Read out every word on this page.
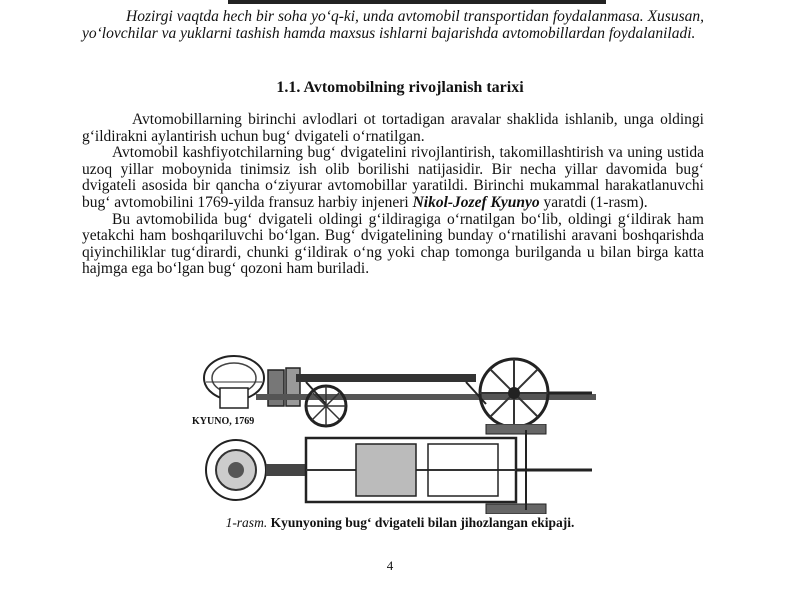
Hozirgi vaqtda hech bir soha yo‘q-ki, unda avtomobil transportidan foydalanmasa. Xususan, yo‘lovchilar va yuklarni tashish hamda maxsus ishlarni bajarishda avtomobillardan foydalaniladi.

1.1. Avtomobilning rivojlanish tarixi

Avtomobillarning birinchi avlodlari ot tortadigan aravalar shaklida ishlanib, unga oldingi g‘ildirakni aylantirish uchun bug‘ dvigateli o‘rnatilgan.

Avtomobil kashfiyotchilarning bug‘ dvigatelini rivojlantirish, takomillashtirish va uning ustida uzoq yillar moboynida tinimsiz ish olib borilishi natijasidir. Bir necha yillar davomida bug‘ dvigateli asosida bir qancha o‘ziyurar avtomobillar yaratildi. Birinchi mukammal harakatlanuvchi bug‘ avtomobilini 1769-yilda fransuz harbiy injeneri Nikol-Jozef Kyunyo yaratdi (1-rasm).

Bu avtomobilida bug‘ dvigateli oldingi g‘ildiragiga o‘rnatilgan bo‘lib, oldingi g‘ildirak ham yetakchi ham boshqariluvchi bo‘lgan. Bug‘ dvigatelining bunday o‘rnatilishi aravani boshqarishda qiyinchiliklar tug‘dirardi, chunki g‘ildirak o‘ng yoki chap tomonga burilganda u bilan birga katta hajmga ega bo‘lgan bug‘ qozoni ham buriladi.

KYUNO, 1769
1-rasm. Kyunyoning bug‘ dvigateli bilan jihozlangan ekipaji.
4
